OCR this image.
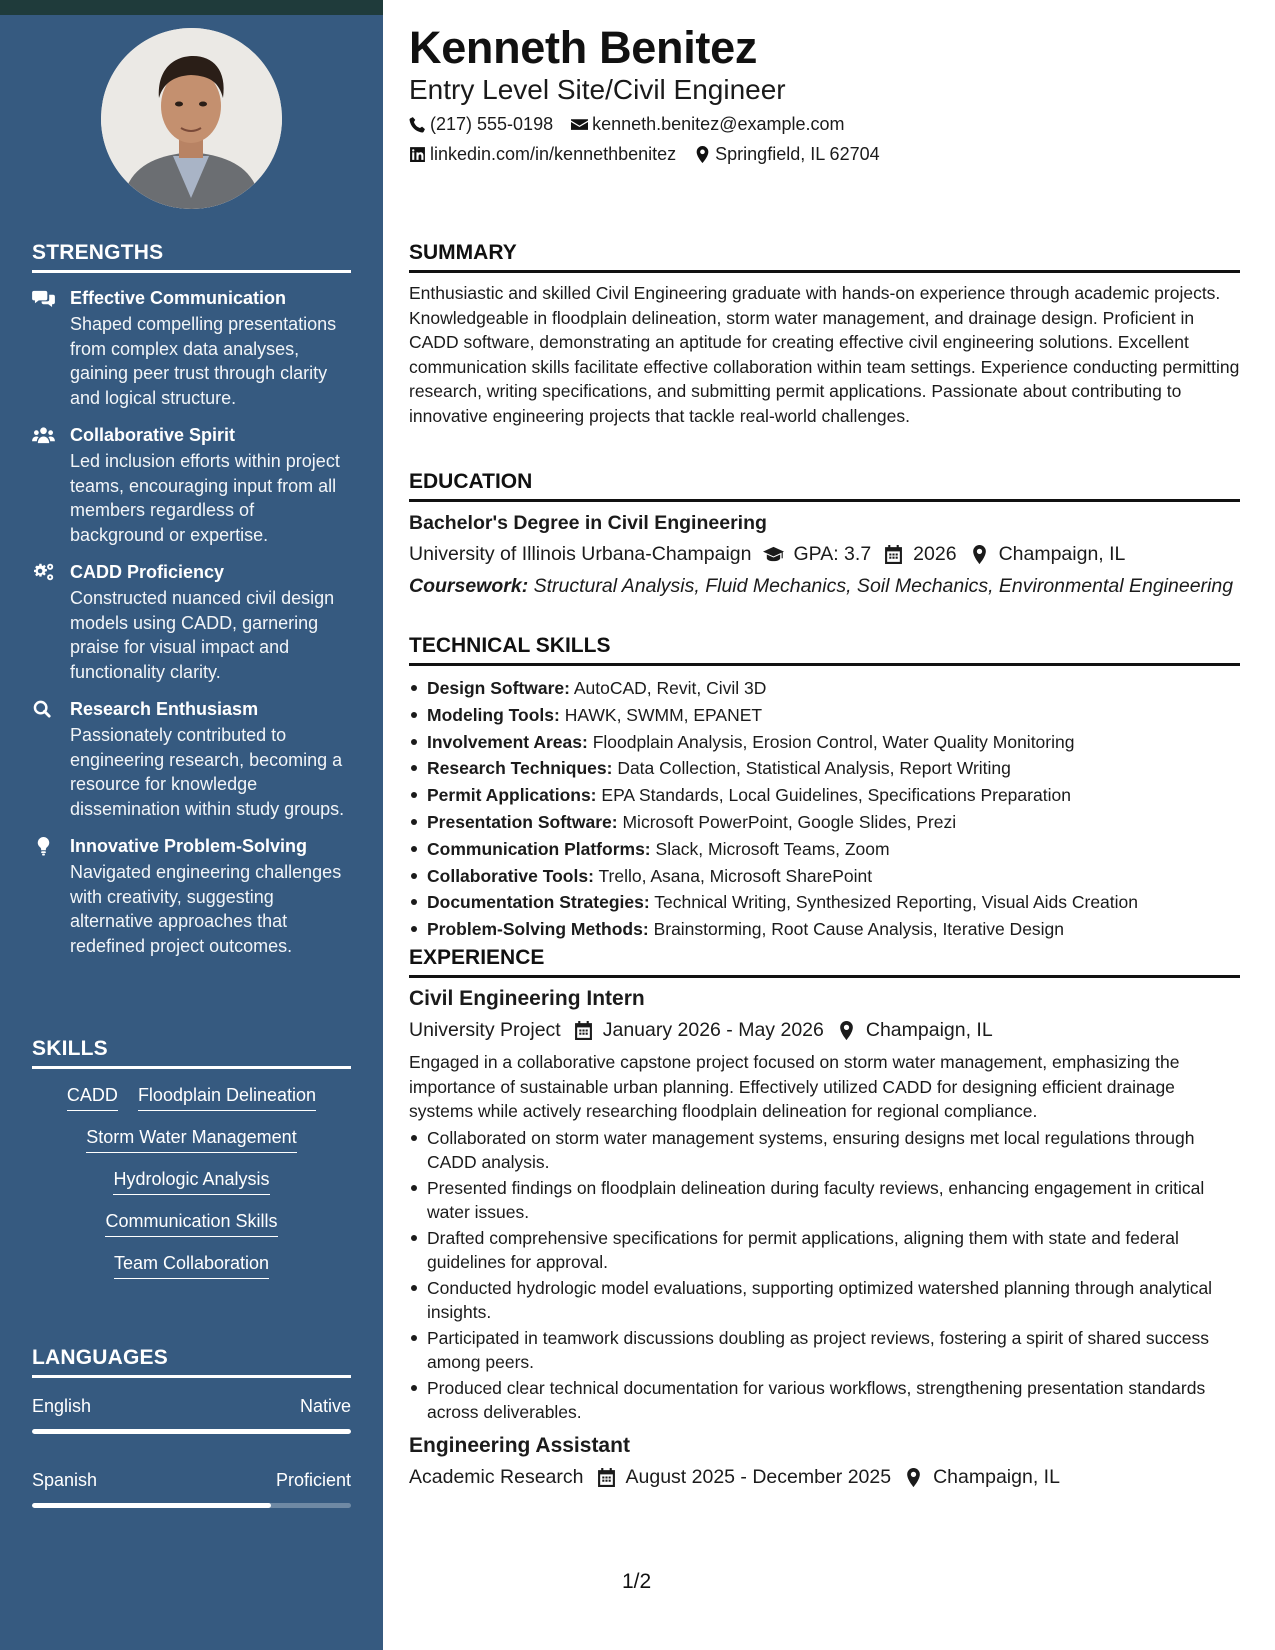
STRENGTHS
Effective Communication
Shaped compelling presentations from complex data analyses, gaining peer trust through clarity and logical structure.
Collaborative Spirit
Led inclusion efforts within project teams, encouraging input from all members regardless of background or expertise.
CADD Proficiency
Constructed nuanced civil design models using CADD, garnering praise for visual impact and functionality clarity.
Research Enthusiasm
Passionately contributed to engineering research, becoming a resource for knowledge dissemination within study groups.
Innovative Problem-Solving
Navigated engineering challenges with creativity, suggesting alternative approaches that redefined project outcomes.
SKILLS
CADD Floodplain Delineation
Storm Water Management
Hydrologic Analysis
Communication Skills
Team Collaboration
LANGUAGES
English	Native
Spanish	Proficient
Kenneth Benitez
Entry Level Site/Civil Engineer
(217) 555-0198 kenneth.benitez@example.com
linkedin.com/in/kennethbenitez Springfield, IL 62704
SUMMARY

Enthusiastic and skilled Civil Engineering graduate with hands-on experience through academic projects. Knowledgeable in floodplain delineation, storm water management, and drainage design. Proficient in CADD software, demonstrating an aptitude for creating effective civil engineering solutions. Excellent communication skills facilitate effective collaboration within team settings. Experience conducting permitting research, writing specifications, and submitting permit applications. Passionate about contributing to innovative engineering projects that tackle real-world challenges.

EDUCATION
Bachelor's Degree in Civil Engineering
University of Illinois Urbana-Champaign GPA: 3.7 2026 Champaign, IL
Coursework: Structural Analysis, Fluid Mechanics, Soil Mechanics, Environmental Engineering
TECHNICAL SKILLS
Design Software: AutoCAD, Revit, Civil 3D
Modeling Tools: HAWK, SWMM, EPANET
Involvement Areas: Floodplain Analysis, Erosion Control, Water Quality Monitoring
Research Techniques: Data Collection, Statistical Analysis, Report Writing
Permit Applications: EPA Standards, Local Guidelines, Specifications Preparation
Presentation Software: Microsoft PowerPoint, Google Slides, Prezi
Communication Platforms: Slack, Microsoft Teams, Zoom
Collaborative Tools: Trello, Asana, Microsoft SharePoint
Documentation Strategies: Technical Writing, Synthesized Reporting, Visual Aids Creation
Problem-Solving Methods: Brainstorming, Root Cause Analysis, Iterative Design
EXPERIENCE
Civil Engineering Intern
University Project January 2026 - May 2026 Champaign, IL

Engaged in a collaborative capstone project focused on storm water management, emphasizing the importance of sustainable urban planning. Effectively utilized CADD for designing efficient drainage systems while actively researching floodplain delineation for regional compliance.

Collaborated on storm water management systems, ensuring designs met local regulations through CADD analysis.
Presented findings on floodplain delineation during faculty reviews, enhancing engagement in critical water issues.
Drafted comprehensive specifications for permit applications, aligning them with state and federal guidelines for approval.
Conducted hydrologic model evaluations, supporting optimized watershed planning through analytical insights.
Participated in teamwork discussions doubling as project reviews, fostering a spirit of shared success among peers.
Produced clear technical documentation for various workflows, strengthening presentation standards across deliverables.
Engineering Assistant
Academic Research August 2025 - December 2025 Champaign, IL
1/2
